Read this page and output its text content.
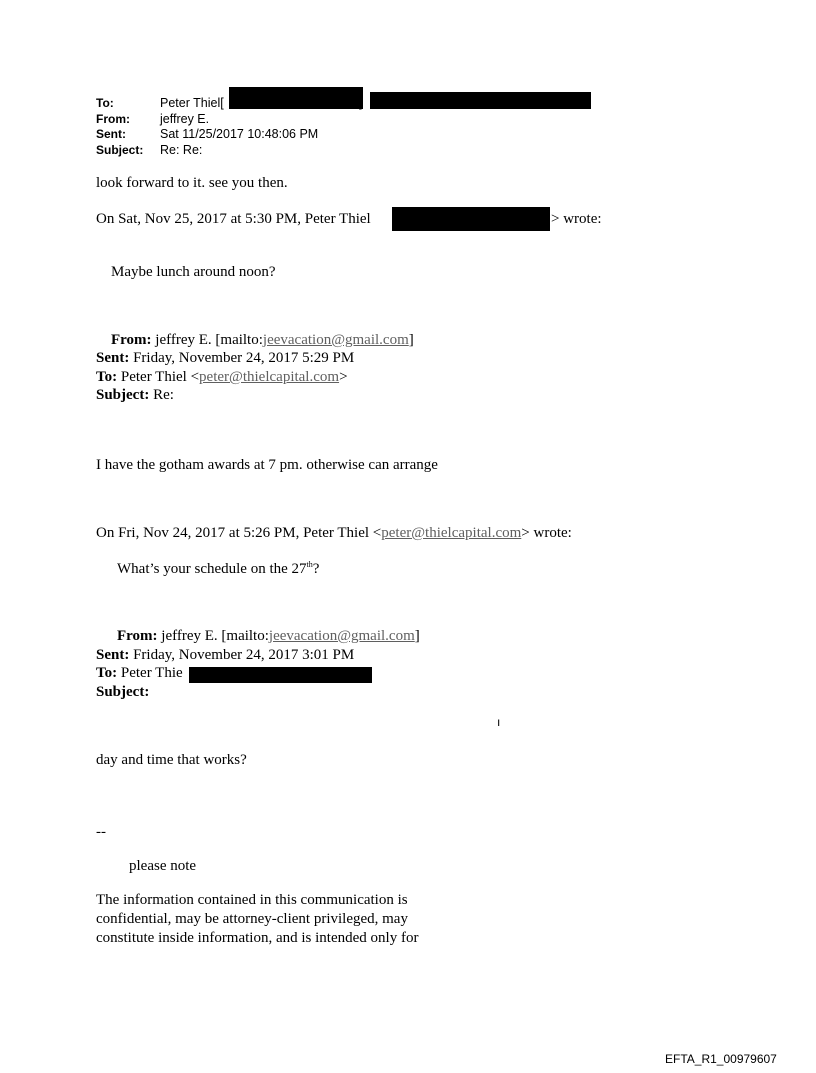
To:	Peter Thiel[	n]
From: jeffrey E.
Sent:	Sat 11/25/2017 10:48:06 PM
Subject: Re: Re:
look forward to it. see you then.
On Sat, Nov 25, 2017 at 5:30 PM, Peter Thiel	> wrote:
Maybe lunch around noon?
From: jeffrey E. [mailto:jeevacation@gmail.com]
Sent: Friday, November 24, 2017 5:29 PM
To: Peter Thiel <peter@thielcapital.com>
Subject: Re:
I have the gotham awards at 7 pm. otherwise can arrange
On Fri, Nov 24, 2017 at 5:26 PM, Peter Thiel <peter@thielcapital.com> wrote:
What’s your schedule on the 27th?
From: jeffrey E. [mailto:jeevacation@gmail.com]
Sent: Friday, November 24, 2017 3:01 PM
To: Peter Thie
Subject:
ı
day and time that works?
--
please note
The information contained in this communication is
confidential, may be attorney-client privileged, may
constitute inside information, and is intended only for
EFTA_R1_00979607
